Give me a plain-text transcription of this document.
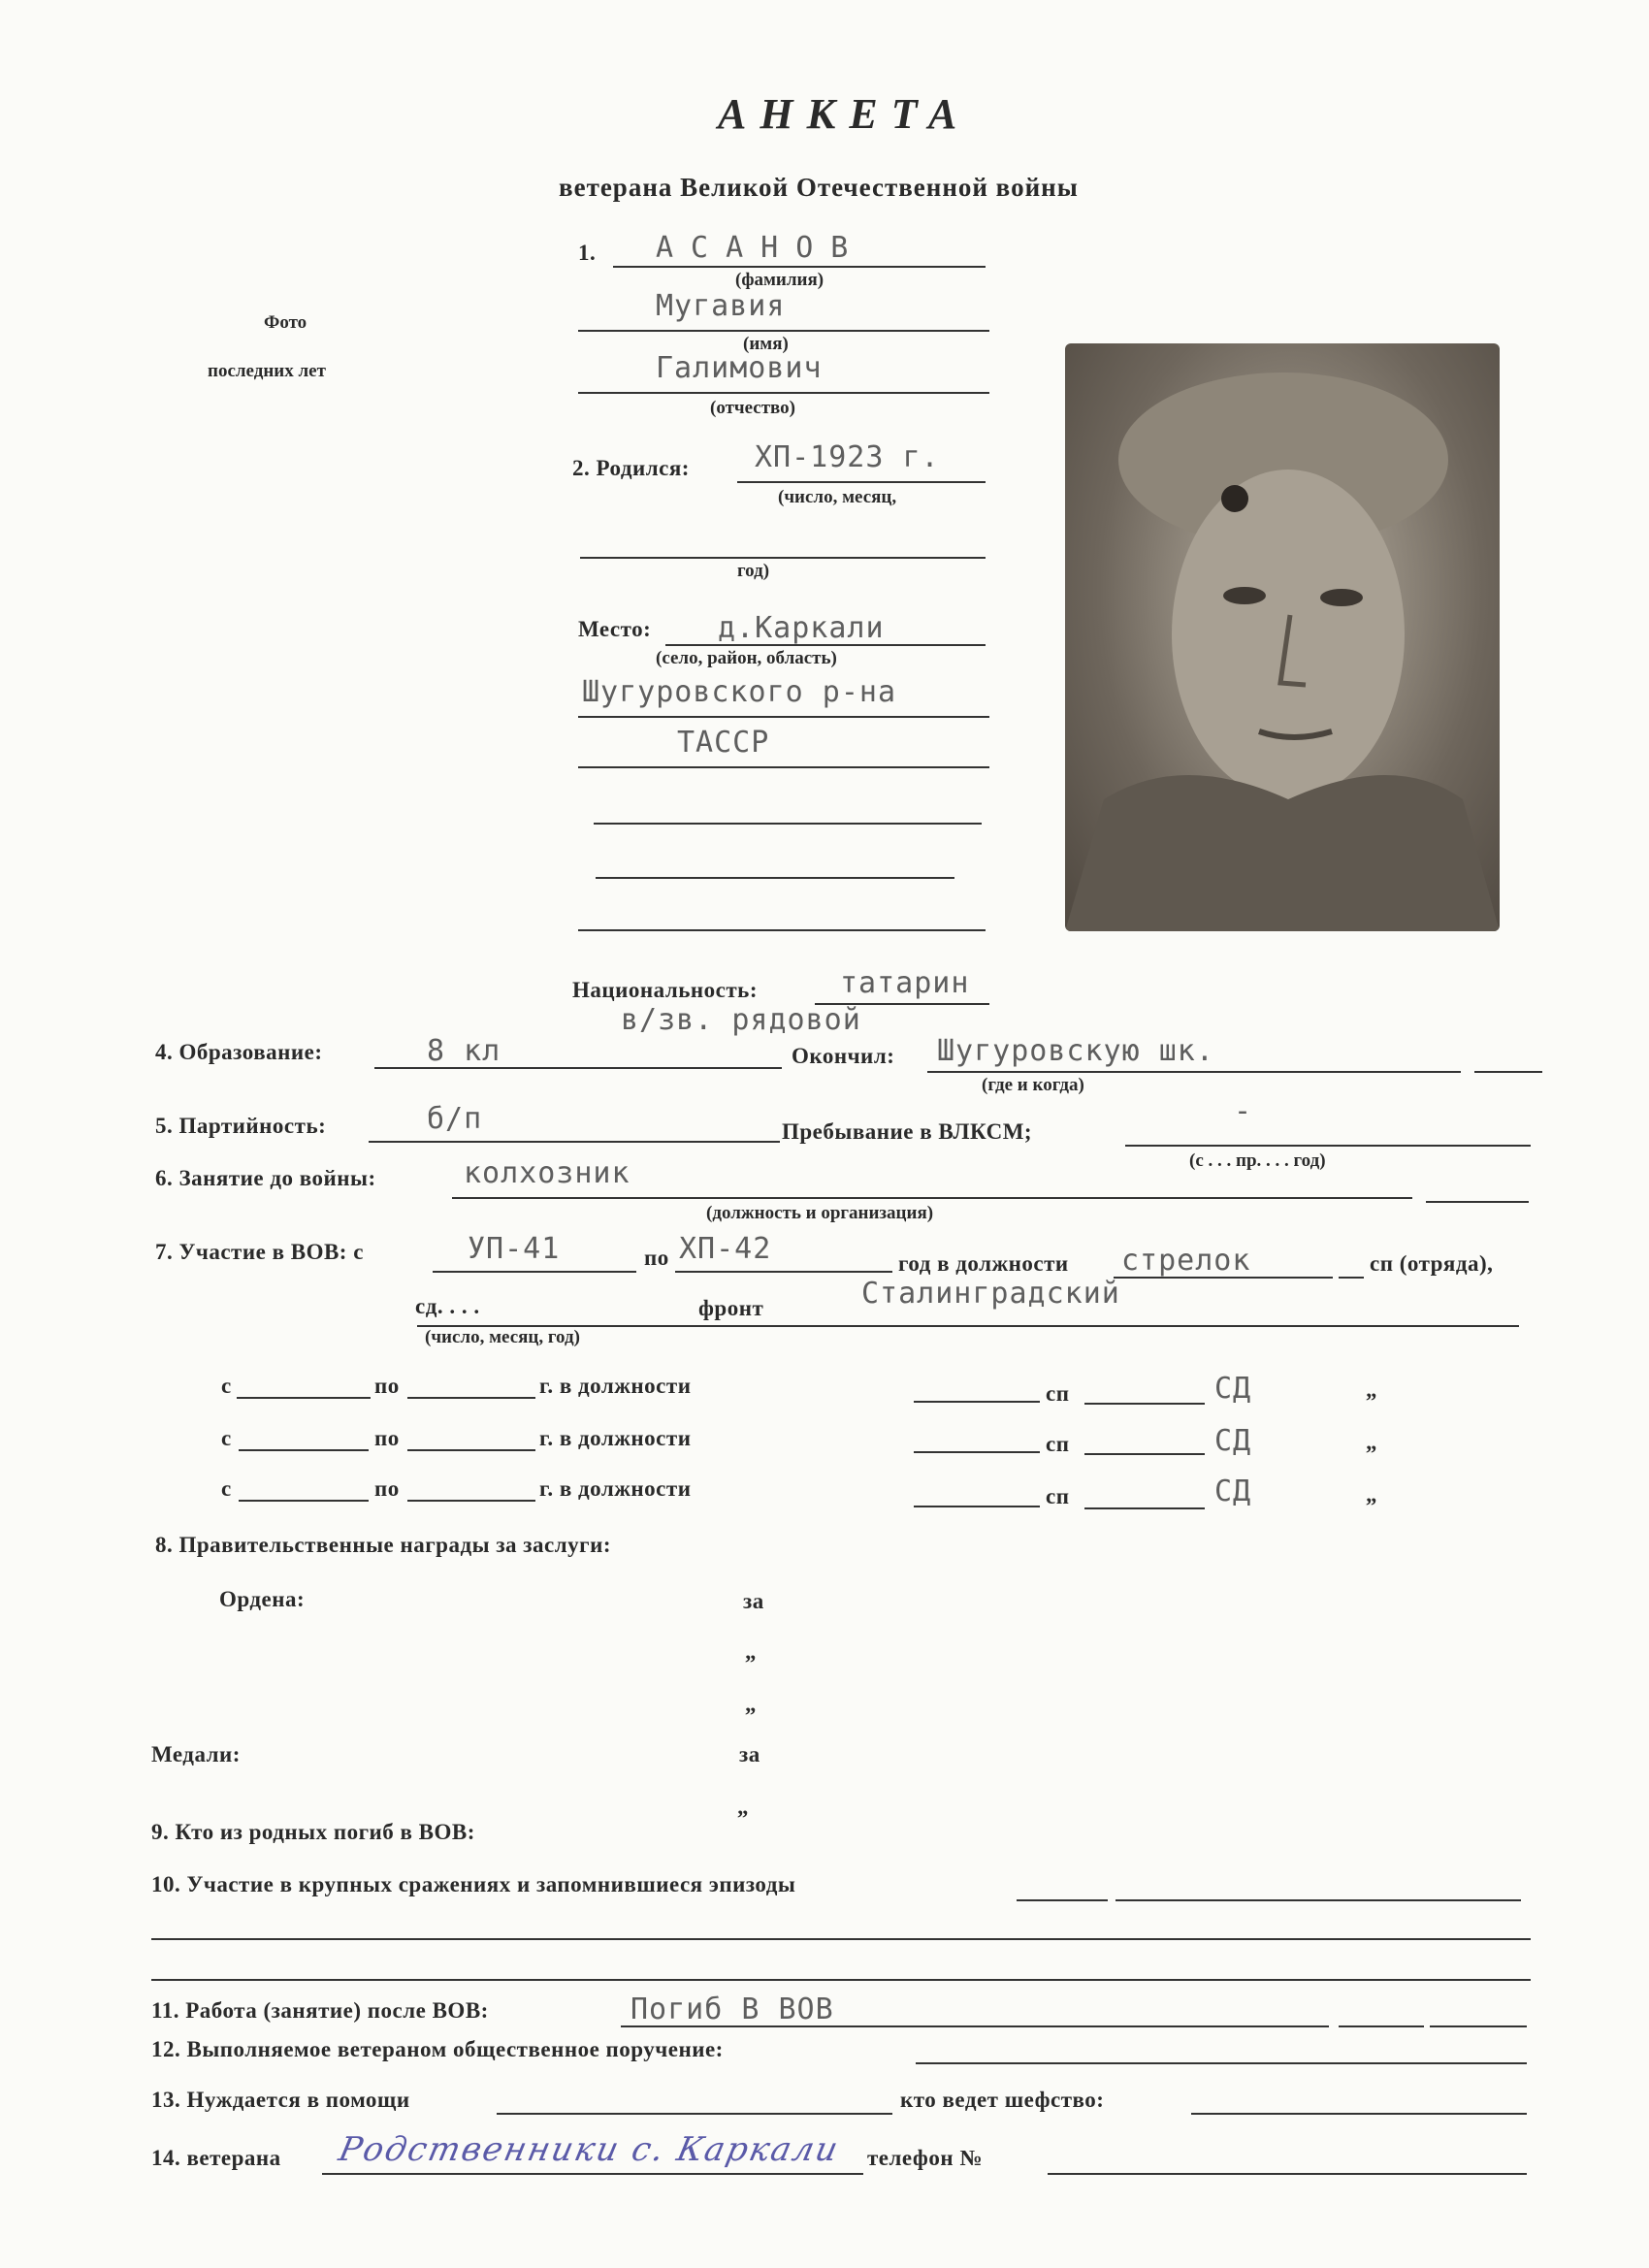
АНКЕТА
ветерана Великой Отечественной войны
Фото
последних лет
1. АСАНОВ
(фамилия)
Мугавия
(имя)
Галимович
(отчество)
2. Родился: ХП-1923 г.
(число, месяц,
год)
Место: д.Каркали
(село, район, область)
Шугуровского р-на
ТАССР
Национальность:	татарин
в/зв. рядовой
4. Образование:	8 кл	Окончил: Шугуровскую шк.
(где и когда)
5. Партийность:	б/п	Пребывание в ВЛКСМ;
-
(с . . . пр. . . . год)
6. Занятие до войны:	колхозник
(должность и организация)
7. Участие в ВОВ: с	УП-41	по ХП-42	год в должности стрелок	сп (отряда),
сд. . . .	фронт	Сталинградский
(число, месяц, год)
с	по	г. в должности	сп	СД	„
с	по	г. в должности	сп	СД	„
с	по	г. в должности	сп	СД	„
8. Правительственные награды за заслуги:
Ордена:	за
„
„
Медали:	за
„
9. Кто из родных погиб в ВОВ:
10. Участие в крупных сражениях и запомнившиеся эпизоды
11. Работа (занятие) после ВОВ:	Погиб В ВОВ
12. Выполняемое ветераном общественное поручение:
13. Нуждается в помощи	кто ведет шефство:
14. ветерана Родственники с. Каркали телефон №
